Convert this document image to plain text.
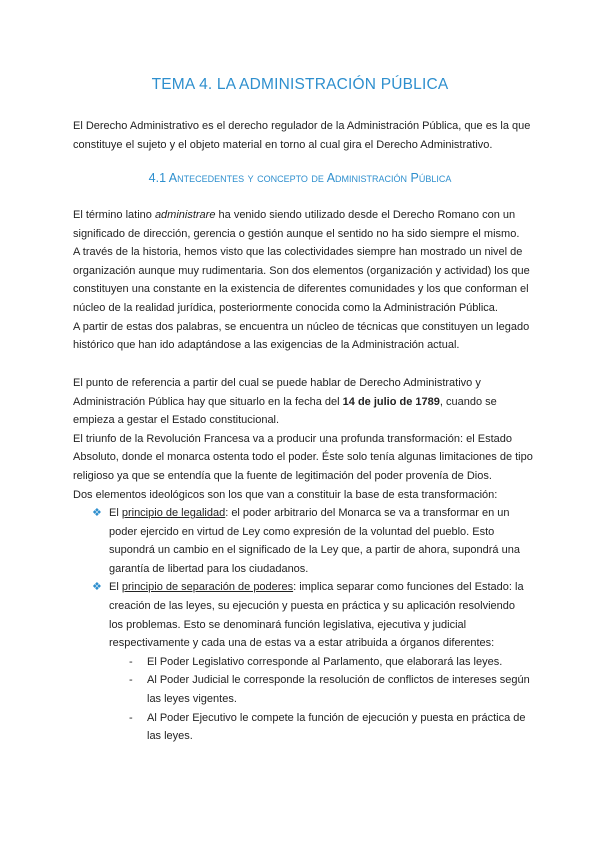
TEMA 4. LA ADMINISTRACIÓN PÚBLICA
El Derecho Administrativo es el derecho regulador de la Administración Pública, que es la que constituye el sujeto y el objeto material en torno al cual gira el Derecho Administrativo.
4.1 Antecedentes y concepto de Administración Pública
El término latino administrare ha venido siendo utilizado desde el Derecho Romano con un significado de dirección, gerencia o gestión aunque el sentido no ha sido siempre el mismo.
A través de la historia, hemos visto que las colectividades siempre han mostrado un nivel de organización aunque muy rudimentaria. Son dos elementos (organización y actividad) los que constituyen una constante en la existencia de diferentes comunidades y los que conforman el núcleo de la realidad jurídica, posteriormente conocida como la Administración Pública.
A partir de estas dos palabras, se encuentra un núcleo de técnicas que constituyen un legado histórico que han ido adaptándose a las exigencias de la Administración actual.
El punto de referencia a partir del cual se puede hablar de Derecho Administrativo y Administración Pública hay que situarlo en la fecha del 14 de julio de 1789, cuando se empieza a gestar el Estado constitucional.
El triunfo de la Revolución Francesa va a producir una profunda transformación: el Estado Absoluto, donde el monarca ostenta todo el poder. Éste solo tenía algunas limitaciones de tipo religioso ya que se entendía que la fuente de legitimación del poder provenía de Dios.
Dos elementos ideológicos son los que van a constituir la base de esta transformación:
❖ El principio de legalidad: el poder arbitrario del Monarca se va a transformar en un poder ejercido en virtud de Ley como expresión de la voluntad del pueblo. Esto supondrá un cambio en el significado de la Ley que, a partir de ahora, supondrá una garantía de libertad para los ciudadanos.
❖ El principio de separación de poderes: implica separar como funciones del Estado: la creación de las leyes, su ejecución y puesta en práctica y su aplicación resolviendo los problemas. Esto se denominará función legislativa, ejecutiva y judicial respectivamente y cada una de estas va a estar atribuida a órganos diferentes:
- El Poder Legislativo corresponde al Parlamento, que elaborará las leyes.
- Al Poder Judicial le corresponde la resolución de conflictos de intereses según las leyes vigentes.
- Al Poder Ejecutivo le compete la función de ejecución y puesta en práctica de las leyes.
